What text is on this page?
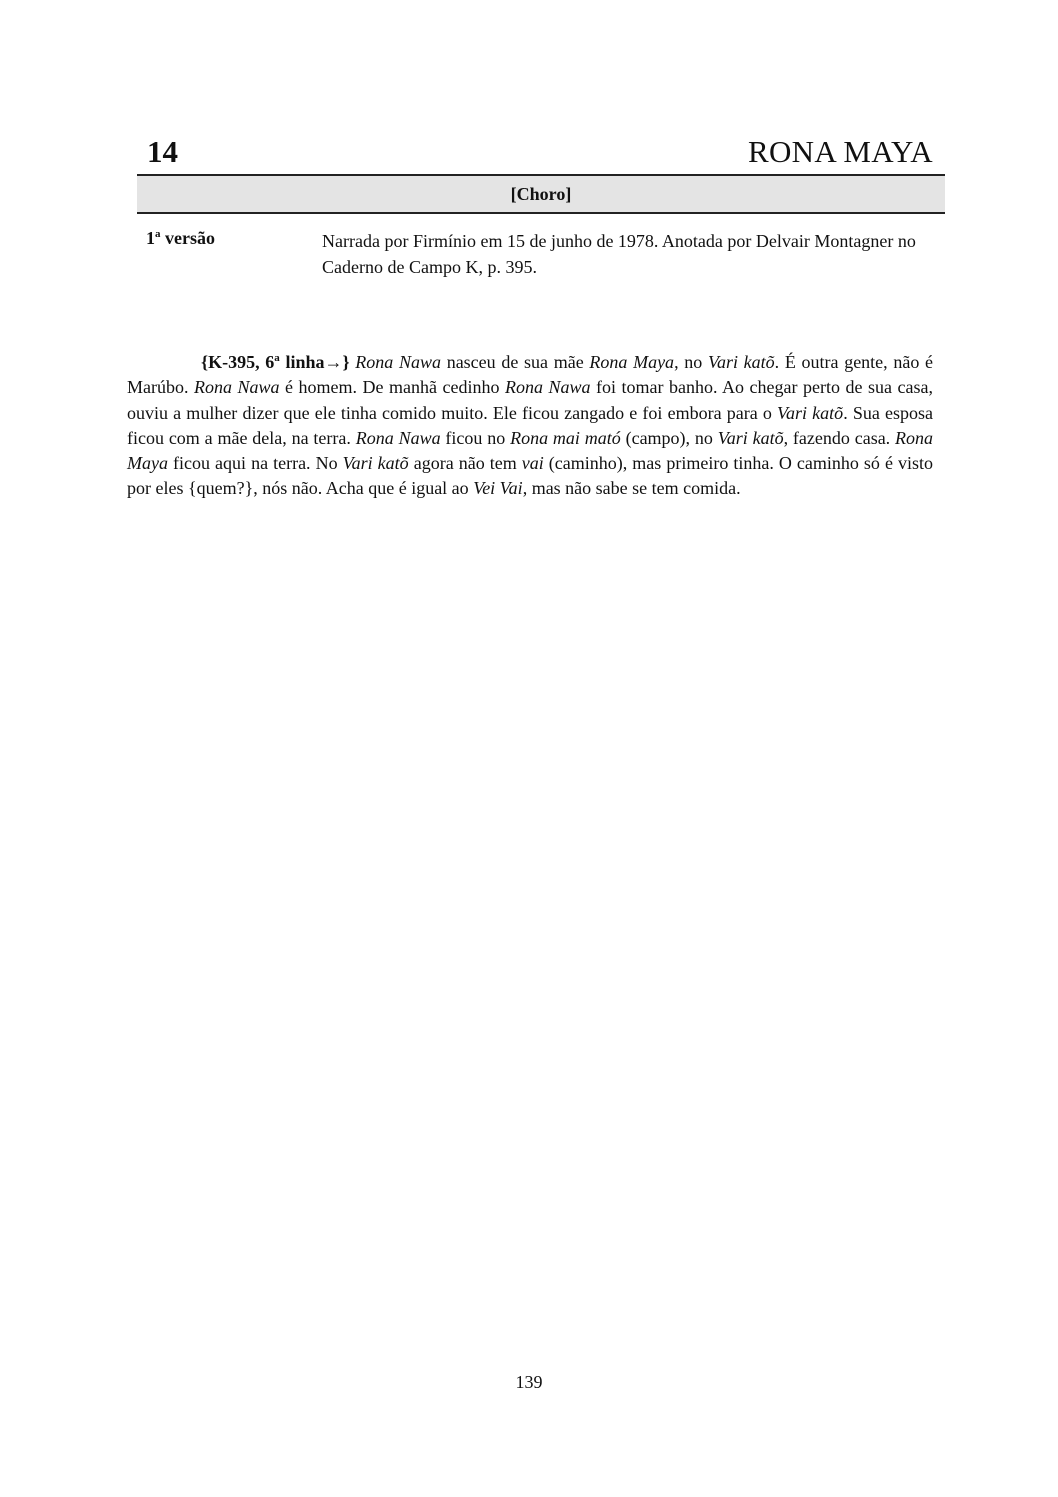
14	RONA MAYA
[Choro]
1$^a$ versão	Narrada por Firmínio em 15 de junho de 1978. Anotada por Delvair Montagner no Caderno de Campo K, p. 395.

{K-395, 6$^a$ linha→} Rona Nawa nasceu de sua mãe Rona Maya, no Vari katõ. É outra gente, não é Marúbo. Rona Nawa é homem. De manhã cedinho Rona Nawa foi tomar banho. Ao chegar perto de sua casa, ouviu a mulher dizer que ele tinha comido muito. Ele ficou zangado e foi embora para o Vari katõ. Sua esposa ficou com a mãe dela, na terra. Rona Nawa ficou no Rona mai mató (campo), no Vari katõ, fazendo casa. Rona Maya ficou aqui na terra. No Vari katõ agora não tem vai (caminho), mas primeiro tinha. O caminho só é visto por eles {quem?}, nós não. Acha que é igual ao Vei Vai, mas não sabe se tem comida.

139
